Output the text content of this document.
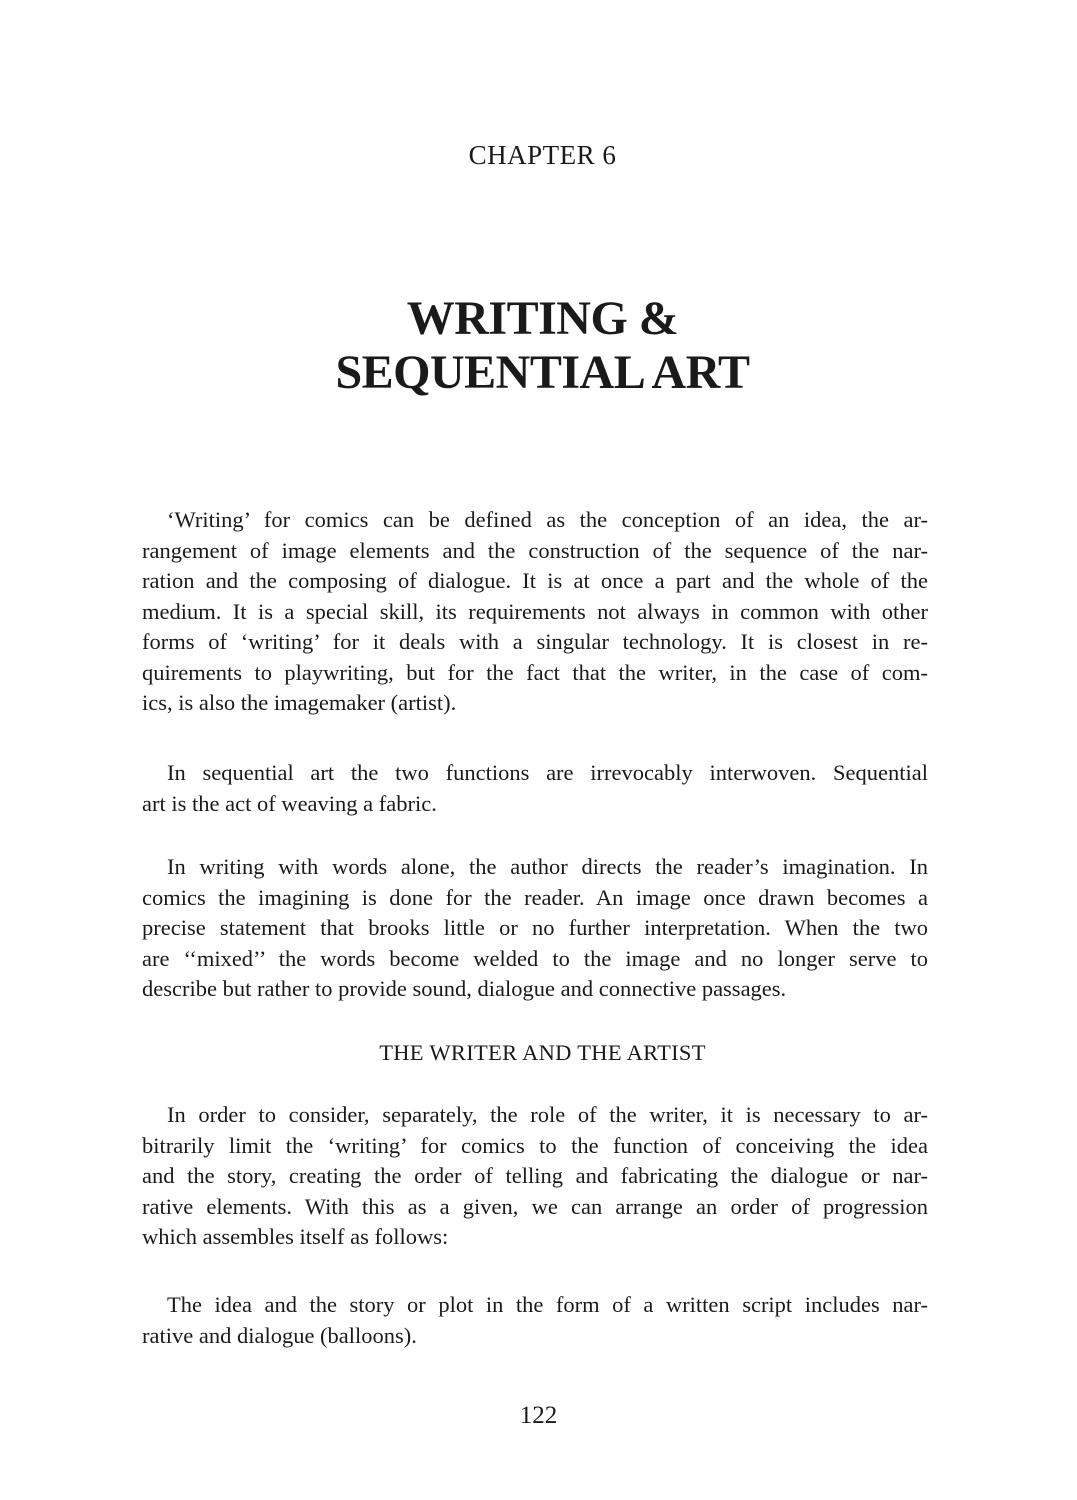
CHAPTER 6
WRITING &
SEQUENTIAL ART

‘Writing’ for comics can be defined as the conception of an idea, the ar-
rangement of image elements and the construction of the sequence of the nar-
ration and the composing of dialogue. It is at once a part and the whole of the
medium. It is a special skill, its requirements not always in common with other
forms of ‘writing’ for it deals with a singular technology. It is closest in re-
quirements to playwriting, but for the fact that the writer, in the case of com-
ics, is also the imagemaker (artist).

In sequential art the two functions are irrevocably interwoven. Sequential
art is the act of weaving a fabric.

In writing with words alone, the author directs the reader’s imagination. In
comics the imagining is done for the reader. An image once drawn becomes a
precise statement that brooks little or no further interpretation. When the two
are ‘‘mixed’’ the words become welded to the image and no longer serve to
describe but rather to provide sound, dialogue and connective passages.

THE WRITER AND THE ARTIST

In order to consider, separately, the role of the writer, it is necessary to ar-
bitrarily limit the ‘writing’ for comics to the function of conceiving the idea
and the story, creating the order of telling and fabricating the dialogue or nar-
rative elements. With this as a given, we can arrange an order of progression
which assembles itself as follows:

The idea and the story or plot in the form of a written script includes nar-
rative and dialogue (balloons).

122
